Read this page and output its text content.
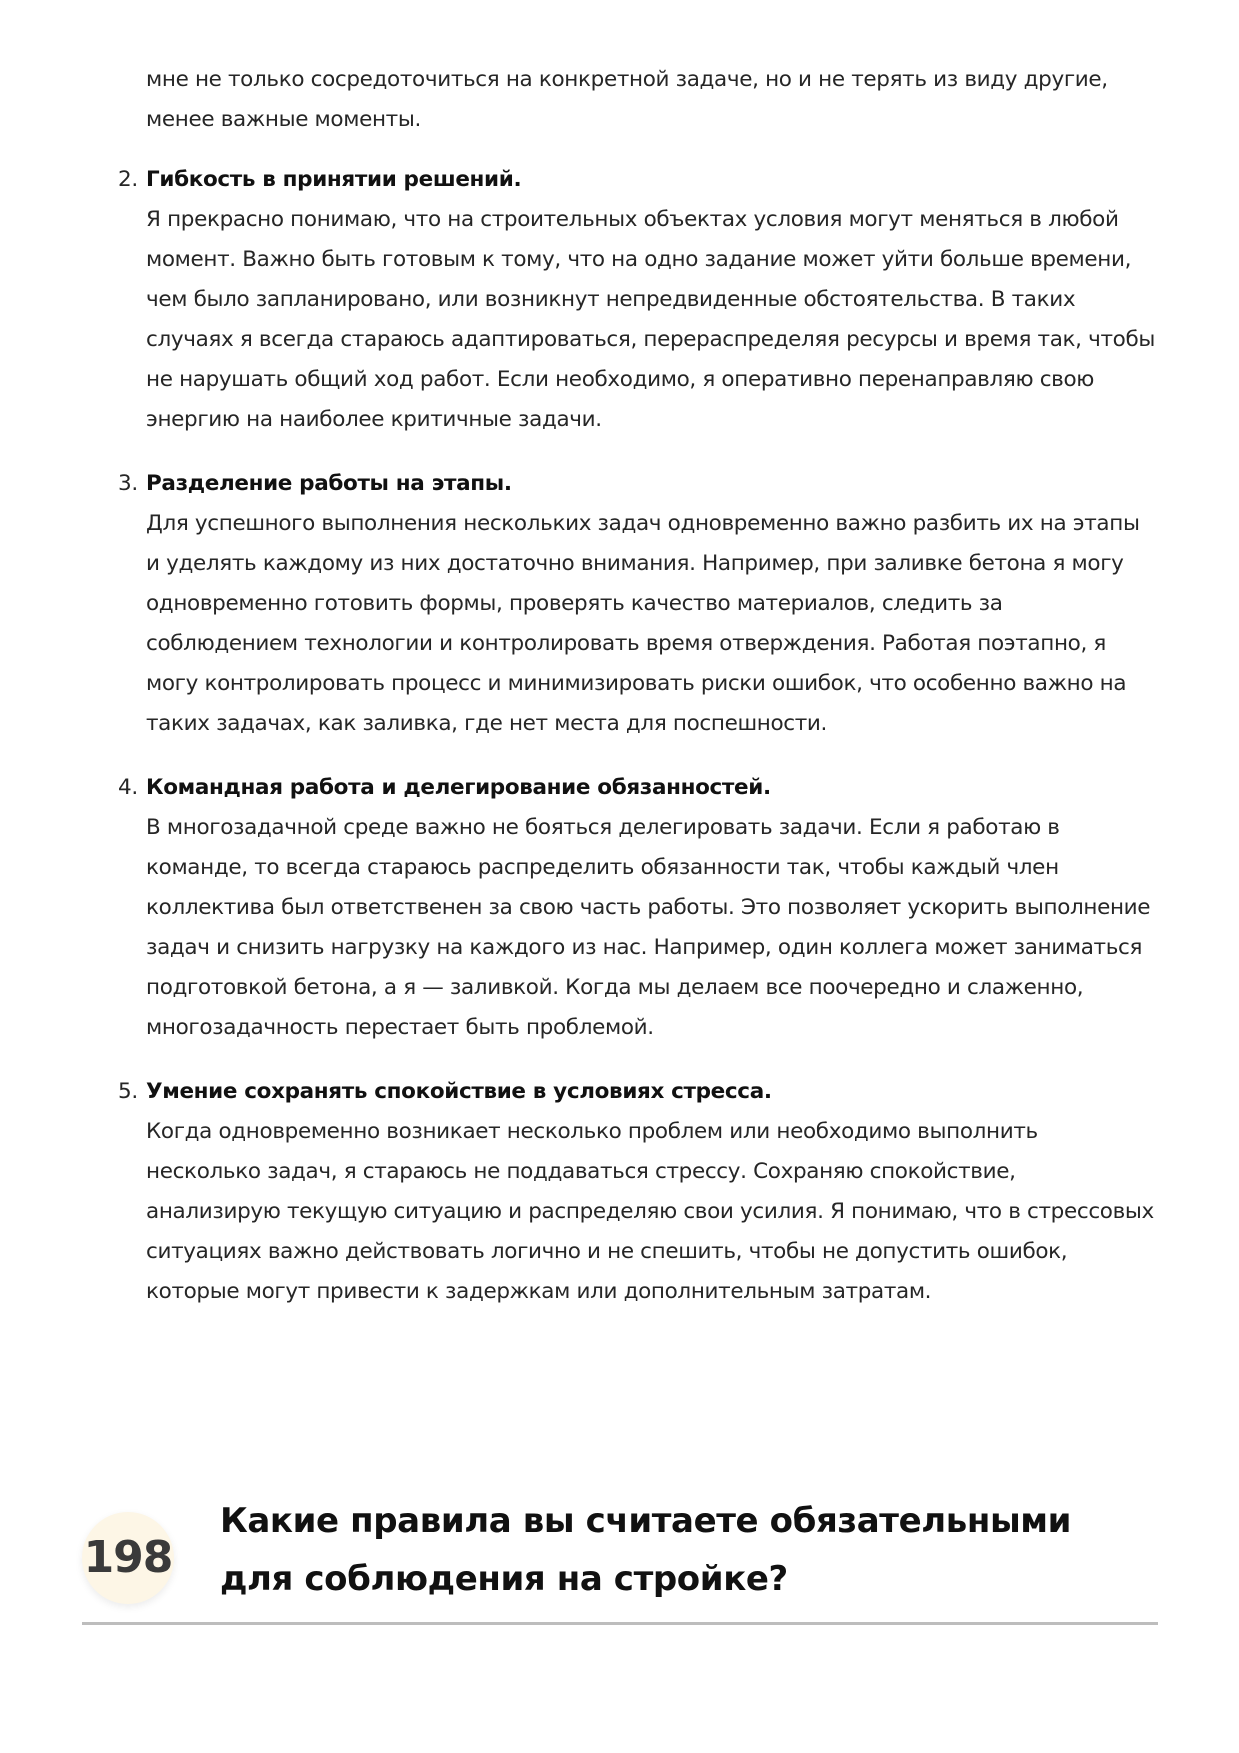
мне не только сосредоточиться на конкретной задаче, но и не терять из виду другие, менее важные моменты.

2. Гибкость в принятии решений.

Я прекрасно понимаю, что на строительных объектах условия могут меняться в любой момент. Важно быть готовым к тому, что на одно задание может уйти больше времени, чем было запланировано, или возникнут непредвиденные обстоятельства. В таких случаях я всегда стараюсь адаптироваться, перераспределяя ресурсы и время так, чтобы не нарушать общий ход работ. Если необходимо, я оперативно перенаправляю свою энергию на наиболее критичные задачи.

3. Разделение работы на этапы.

Для успешного выполнения нескольких задач одновременно важно разбить их на этапы и уделять каждому из них достаточно внимания. Например, при заливке бетона я могу одновременно готовить формы, проверять качество материалов, следить за соблюдением технологии и контролировать время отверждения. Работая поэтапно, я могу контролировать процесс и минимизировать риски ошибок, что особенно важно на таких задачах, как заливка, где нет места для поспешности.

4. Командная работа и делегирование обязанностей.

В многозадачной среде важно не бояться делегировать задачи. Если я работаю в команде, то всегда стараюсь распределить обязанности так, чтобы каждый член коллектива был ответственен за свою часть работы. Это позволяет ускорить выполнение задач и снизить нагрузку на каждого из нас. Например, один коллега может заниматься подготовкой бетона, а я — заливкой. Когда мы делаем все поочередно и слаженно, многозадачность перестает быть проблемой.

5. Умение сохранять спокойствие в условиях стресса.

Когда одновременно возникает несколько проблем или необходимо выполнить несколько задач, я стараюсь не поддаваться стрессу. Сохраняю спокойствие, анализирую текущую ситуацию и распределяю свои усилия. Я понимаю, что в стрессовых ситуациях важно действовать логично и не спешить, чтобы не допустить ошибок, которые могут привести к задержкам или дополнительным затратам.

198
Какие правила вы считаете обязательными для соблюдения на стройке?
